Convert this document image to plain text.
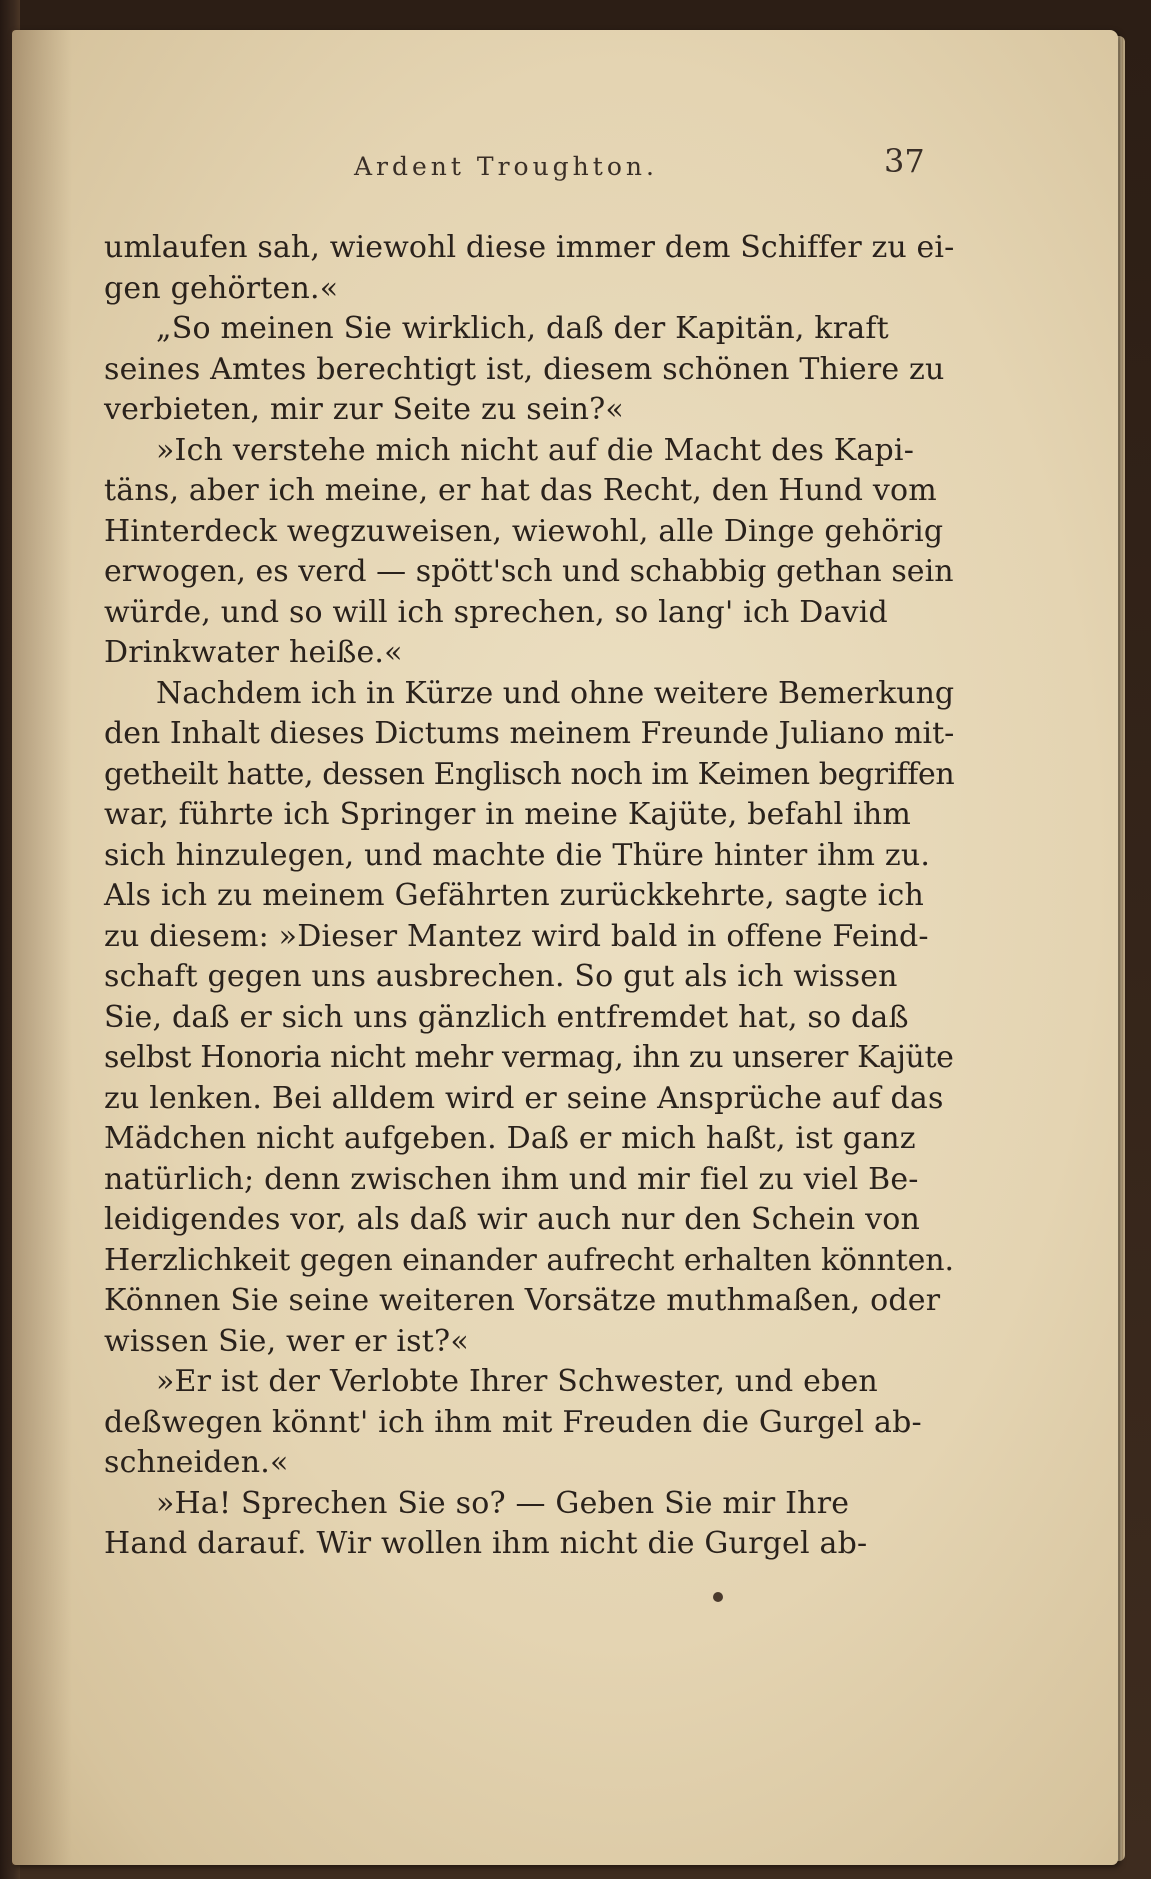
Ardent Troughton.	37
umlaufen sah, wiewohl diese immer dem Schiffer zu ei-
gen gehörten.«
„So meinen Sie wirklich, daß der Kapitän, kraft
seines Amtes berechtigt ist, diesem schönen Thiere zu
verbieten, mir zur Seite zu sein?«
»Ich verstehe mich nicht auf die Macht des Kapi-
täns, aber ich meine, er hat das Recht, den Hund vom
Hinterdeck wegzuweisen, wiewohl, alle Dinge gehörig
erwogen, es verd — spött'sch und schabbig gethan sein
würde, und so will ich sprechen, so lang' ich David
Drinkwater heiße.«
Nachdem ich in Kürze und ohne weitere Bemerkung
den Inhalt dieses Dictums meinem Freunde Juliano mit-
getheilt hatte, dessen Englisch noch im Keimen begriffen
war, führte ich Springer in meine Kajüte, befahl ihm
sich hinzulegen, und machte die Thüre hinter ihm zu.
Als ich zu meinem Gefährten zurückkehrte, sagte ich
zu diesem: »Dieser Mantez wird bald in offene Feind-
schaft gegen uns ausbrechen. So gut als ich wissen
Sie, daß er sich uns gänzlich entfremdet hat, so daß
selbst Honoria nicht mehr vermag, ihn zu unserer Kajüte
zu lenken. Bei alldem wird er seine Ansprüche auf das
Mädchen nicht aufgeben. Daß er mich haßt, ist ganz
natürlich; denn zwischen ihm und mir fiel zu viel Be-
leidigendes vor, als daß wir auch nur den Schein von
Herzlichkeit gegen einander aufrecht erhalten könnten.
Können Sie seine weiteren Vorsätze muthmaßen, oder
wissen Sie, wer er ist?«
»Er ist der Verlobte Ihrer Schwester, und eben
deßwegen könnt' ich ihm mit Freuden die Gurgel ab-
schneiden.«
»Ha! Sprechen Sie so? — Geben Sie mir Ihre
Hand darauf. Wir wollen ihm nicht die Gurgel ab-
